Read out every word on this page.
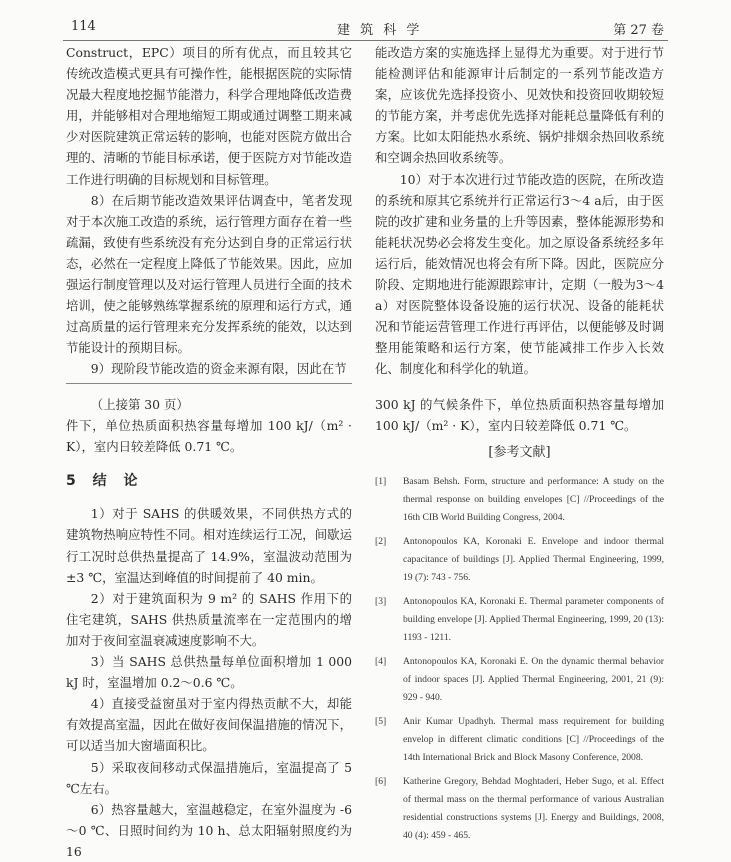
114	建 筑 科 学	第 27 卷

Construct，EPC）项目的所有优点，而且较其它传统改造模式更具有可操作性，能根据医院的实际情况最大程度地挖掘节能潜力，科学合理地降低改造费用，并能够相对合理地缩短工期或通过调整工期来减少对医院建筑正常运转的影响，也能对医院方做出合理的、清晰的节能目标承诺，便于医院方对节能改造工作进行明确的目标规划和目标管理。

8）在后期节能改造效果评估调查中，笔者发现对于本次施工改造的系统，运行管理方面存在着一些疏漏，致使有些系统没有充分达到自身的正常运行状态，必然在一定程度上降低了节能效果。因此，应加强运行制度管理以及对运行管理人员进行全面的技术培训，使之能够熟练掌握系统的原理和运行方式，通过高质量的运行管理来充分发挥系统的能效，以达到节能设计的预期目标。

9）现阶段节能改造的资金来源有限，因此在节

能改造方案的实施选择上显得尤为重要。对于进行节能检测评估和能源审计后制定的一系列节能改造方案，应该优先选择投资小、见效快和投资回收期较短的节能方案，并考虑优先选择对能耗总量降低有利的方案。比如太阳能热水系统、锅炉排烟余热回收系统和空调余热回收系统等。

10）对于本次进行过节能改造的医院，在所改造的系统和原其它系统并行正常运行3～4 a后，由于医院的改扩建和业务量的上升等因素，整体能源形势和能耗状况势必会将发生变化。加之原设备系统经多年运行后，能效情况也将会有所下降。因此，医院应分阶段、定期地进行能源跟踪审计，定期（一般为3～4 a）对医院整体设备设施的运行状况、设备的能耗状况和节能运营管理工作进行再评估，以便能够及时调整用能策略和运行方案，使节能减排工作步入长效化、制度化和科学化的轨道。

（上接第 30 页）

件下，单位热质面积热容量每增加 100 kJ/（m² · K），室内日较差降低 0.71 ℃。

5 结 论

1）对于 SAHS 的供暖效果，不同供热方式的建筑物热响应特性不同。相对连续运行工况，间歇运行工况时总供热量提高了 14.9%，室温波动范围为±3 ℃，室温达到峰值的时间提前了 40 min。

2）对于建筑面积为 9 m² 的 SAHS 作用下的住宅建筑，SAHS 供热质量流率在一定范围内的增加对于夜间室温衰减速度影响不大。

3）当 SAHS 总供热量每单位面积增加 1 000 kJ 时，室温增加 0.2～0.6 ℃。

4）直接受益窗虽对于室内得热贡献不大，却能有效提高室温，因此在做好夜间保温措施的情况下，可以适当加大窗墙面积比。

5）采取夜间移动式保温措施后，室温提高了 5 ℃左右。

6）热容量越大，室温越稳定，在室外温度为 -6～0 ℃、日照时间约为 10 h、总太阳辐射照度约为 16

300 kJ 的气候条件下，单位热质面积热容量每增加 100 kJ/（m² · K），室内日较差降低 0.71 ℃。

[参考文献]
[1]	Basam Behsh. Form, structure and performance: A study on the thermal response on building envelopes [C] //Proceedings of the 16th CIB World Building Congress, 2004.
[2]	Antonopoulos KA, Koronaki E. Envelope and indoor thermal capacitance of buildings [J]. Applied Thermal Engineering, 1999, 19 (7): 743 - 756.
[3]	Antonopoulos KA, Koronaki E. Thermal parameter components of building envelope [J]. Applied Thermal Engineering, 1999, 20 (13): 1193 - 1211.
[4]	Antonopoulos KA, Koronaki E. On the dynamic thermal behavior of indoor spaces [J]. Applied Thermal Engineering, 2001, 21 (9): 929 - 940.
[5]	Anir Kumar Upadhyh. Thermal mass requirement for building envelop in different climatic conditions [C] //Proceedings of the 14th International Brick and Block Masony Conference, 2008.
[6]	Katherine Gregory, Behdad Moghtaderi, Heber Sugo, et al. Effect of thermal mass on the thermal performance of various Australian residential constructions systems [J]. Energy and Buildings, 2008, 40 (4): 459 - 465.
